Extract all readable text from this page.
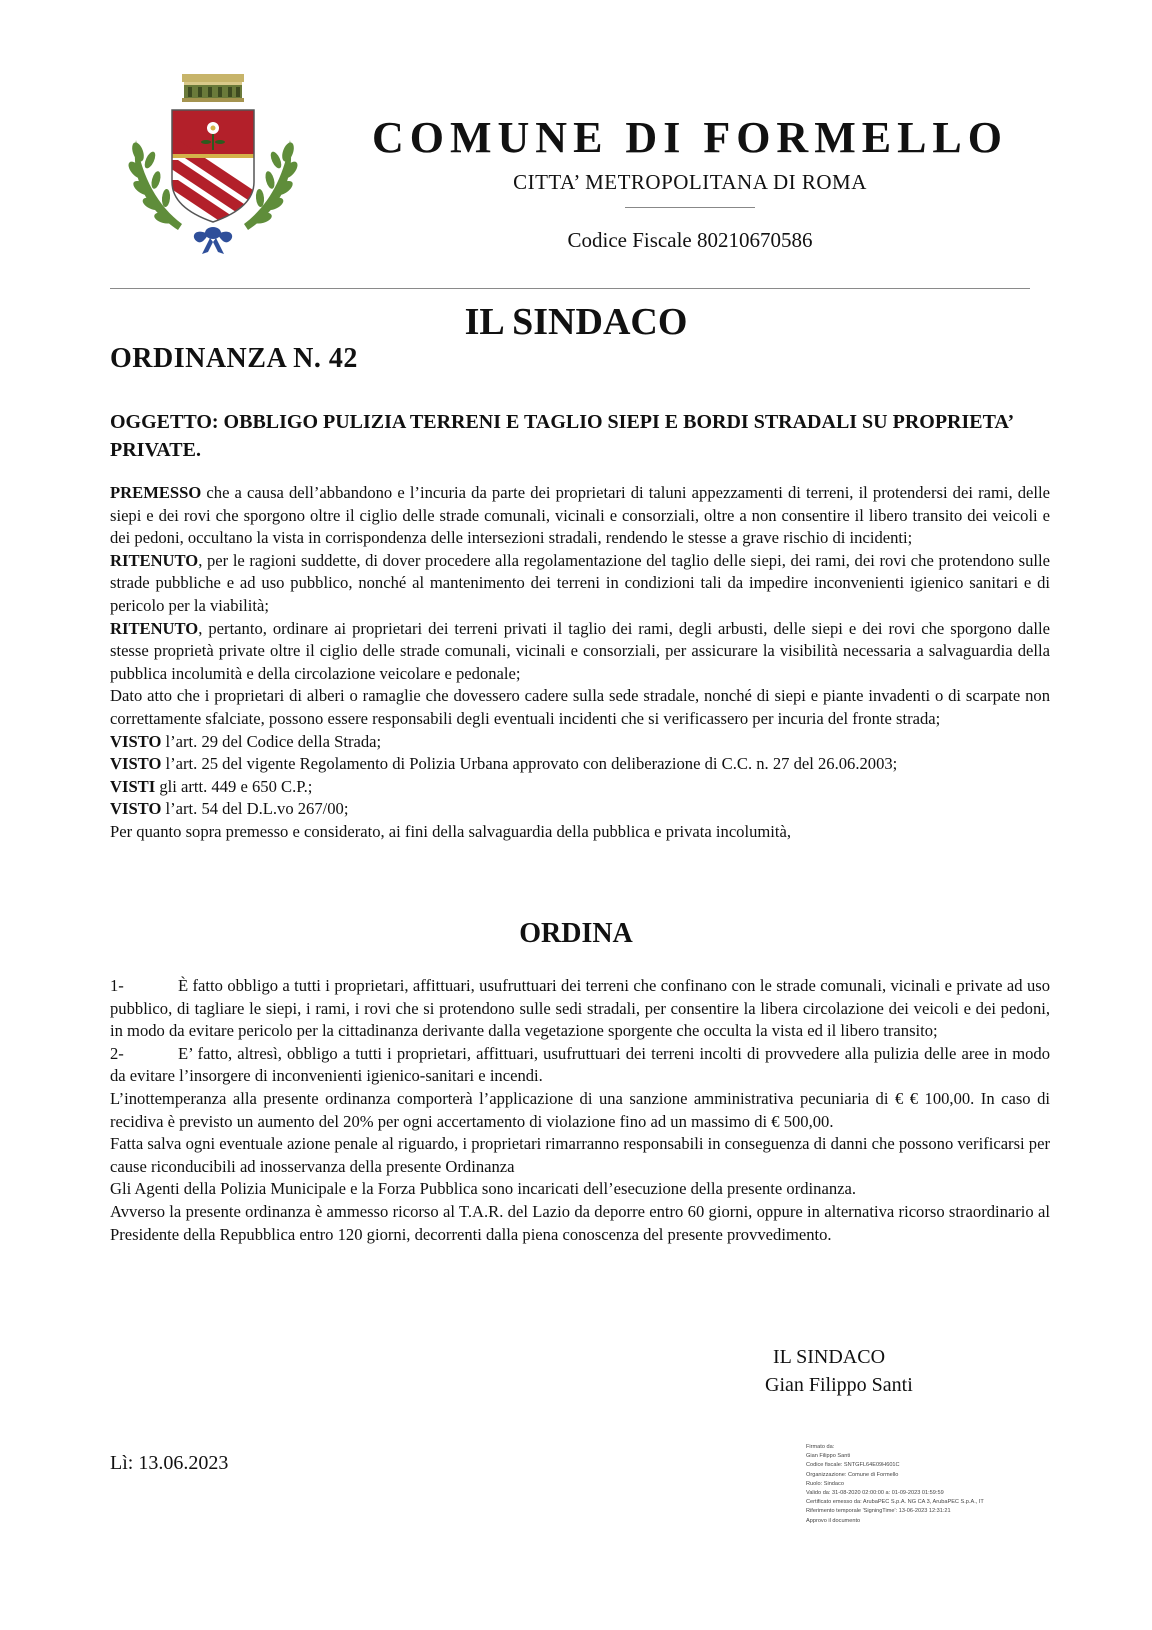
COMUNE DI FORMELLO
CITTA’ METROPOLITANA DI ROMA
Codice Fiscale 80210670586
IL SINDACO
ORDINANZA N. 42
OGGETTO: OBBLIGO PULIZIA TERRENI E TAGLIO SIEPI E BORDI STRADALI SU PROPRIETA’ PRIVATE.

PREMESSO che a causa dell’abbandono e l’incuria da parte dei proprietari di taluni appezzamenti di terreni, il protendersi dei rami, delle siepi e dei rovi che sporgono oltre il ciglio delle strade comunali, vicinali e consorziali, oltre a non consentire il libero transito dei veicoli e dei pedoni, occultano la vista in corrispondenza delle intersezioni stradali, rendendo le stesse a grave rischio di incidenti;

RITENUTO, per le ragioni suddette, di dover procedere alla regolamentazione del taglio delle siepi, dei rami, dei rovi che protendono sulle strade pubbliche e ad uso pubblico, nonché al mantenimento dei terreni in condizioni tali da impedire inconvenienti igienico sanitari e di pericolo per la viabilità;

RITENUTO, pertanto, ordinare ai proprietari dei terreni privati il taglio dei rami, degli arbusti, delle siepi e dei rovi che sporgono dalle stesse proprietà private oltre il ciglio delle strade comunali, vicinali e consorziali, per assicurare la visibilità necessaria a salvaguardia della pubblica incolumità e della circolazione veicolare e pedonale;

Dato atto che i proprietari di alberi o ramaglie che dovessero cadere sulla sede stradale, nonché di siepi e piante invadenti o di scarpate non correttamente sfalciate, possono essere responsabili degli eventuali incidenti che si verificassero per incuria del fronte strada;

VISTO l’art. 29 del Codice della Strada;

VISTO l’art. 25 del vigente Regolamento di Polizia Urbana approvato con deliberazione di C.C. n. 27 del 26.06.2003;

VISTI gli artt. 449 e 650 C.P.;

VISTO l’art. 54 del D.L.vo 267/00;

Per quanto sopra premesso e considerato, ai fini della salvaguardia della pubblica e privata incolumità,

ORDINA

1-	È fatto obbligo a tutti i proprietari, affittuari, usufruttuari dei terreni che confinano con le strade comunali, vicinali e private ad uso pubblico, di tagliare le siepi, i rami, i rovi che si protendono sulle sedi stradali, per consentire la libera circolazione dei veicoli e dei pedoni, in modo da evitare pericolo per la cittadinanza derivante dalla vegetazione sporgente che occulta la vista ed il libero transito;

2-	E’ fatto, altresì, obbligo a tutti i proprietari, affittuari, usufruttuari dei terreni incolti di provvedere alla pulizia delle aree in modo da evitare l’insorgere di inconvenienti igienico-sanitari e incendi.

L’inottemperanza alla presente ordinanza comporterà l’applicazione di una sanzione amministrativa pecuniaria di € € 100,00. In caso di recidiva è previsto un aumento del 20% per ogni accertamento di violazione fino ad un massimo di € 500,00.

Fatta salva ogni eventuale azione penale al riguardo, i proprietari rimarranno responsabili in conseguenza di danni che possono verificarsi per cause riconducibili ad inosservanza della presente Ordinanza

Gli Agenti della Polizia Municipale e la Forza Pubblica sono incaricati dell’esecuzione della presente ordinanza.

Avverso la presente ordinanza è ammesso ricorso al T.A.R. del Lazio da deporre entro 60 giorni, oppure in alternativa ricorso straordinario al Presidente della Repubblica entro 120 giorni, decorrenti dalla piena conoscenza del presente provvedimento.

IL SINDACO
Gian Filippo Santi
Lì: 13.06.2023
Firmato da:
Gian Filippo Santi
Codice fiscale: SNTGFL64E09H601C
Organizzazione: Comune di Formello
Ruolo: Sindaco
Valido da: 31-08-2020 02:00:00 a: 01-09-2023 01:59:59
Certificato emesso da: ArubaPEC S.p.A. NG CA 3, ArubaPEC S.p.A., IT
Riferimento temporale 'SigningTime': 13-06-2023 12:31:21
Approvo il documento
